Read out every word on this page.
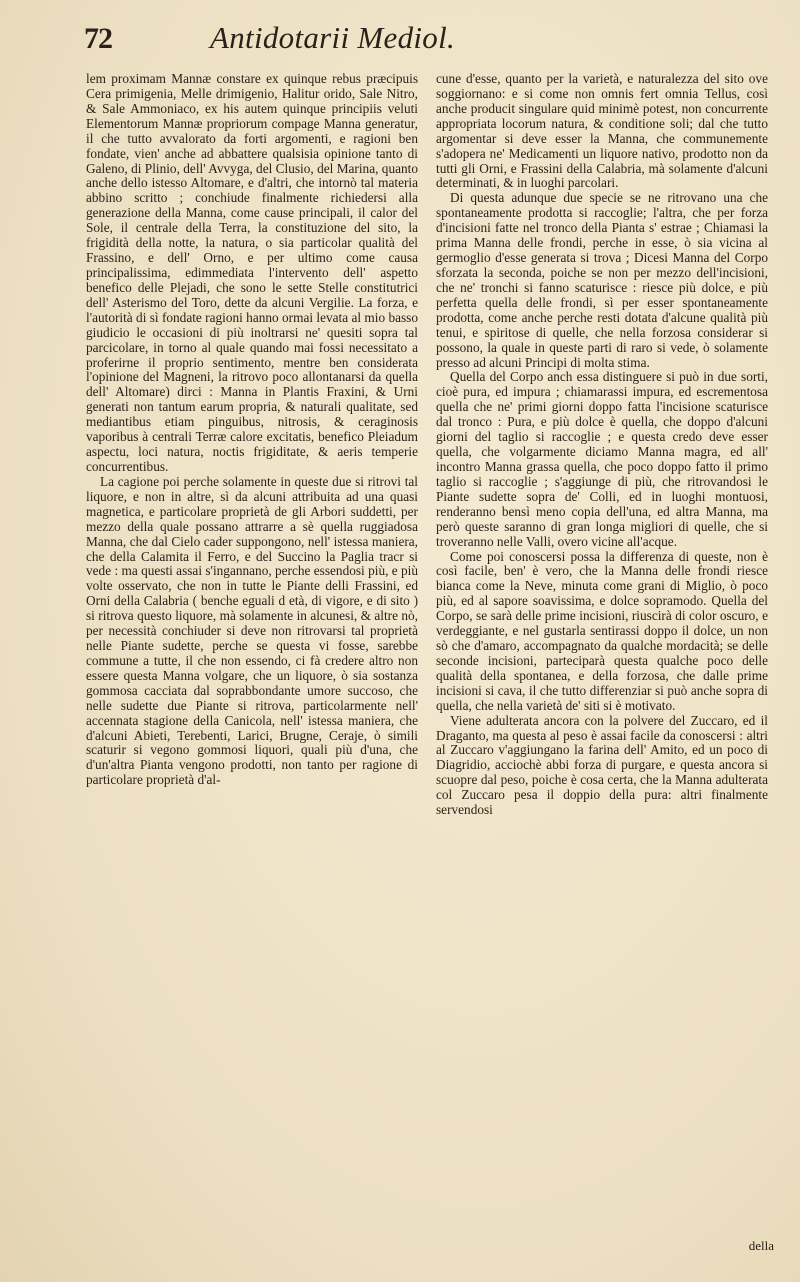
72	Antidotarii Mediol.

lem proximam Mannæ constare ex quinque rebus præcipuis Cera primigenia, Melle drimigenio, Halitur orido, Sale Nitro, & Sale Ammoniaco, ex his autem quinque principiis veluti Elementorum Mannæ propriorum compage Manna generatur, il che tutto avvalorato da forti argomenti, e ragioni ben fondate, vien' anche ad abbattere qualsisia opinione tanto di Galeno, di Plinio, dell' Avvyga, del Clusio, del Marina, quanto anche dello istesso Altomare, e d'altri, che intornò tal materia abbino scritto ; conchiude finalmente richiedersi alla generazione della Manna, come cause principali, il calor del Sole, il centrale della Terra, la constituzione del sito, la frigidità della notte, la natura, o sia particolar qualità del Frassino, e dell' Orno, e per ultimo come causa principalissima, edimmediata l'intervento dell' aspetto benefico delle Plejadi, che sono le sette Stelle constitutrici dell' Asterismo del Toro, dette da alcuni Vergilie. La forza, e l'autorità di sì fondate ragioni hanno ormai levata al mio basso giudicio le occasioni di più inoltrarsi ne' quesiti sopra tal parcicolare, in torno al quale quando mai fossi necessitato a proferirne il proprio sentimento, mentre ben considerata l'opinione del Magneni, la ritrovo poco allontanarsi da quella dell' Altomare) dirci : Manna in Plantis Fraxini, & Urni generati non tantum earum propria, & naturali qualitate, sed mediantibus etiam pinguibus, nitrosis, & ceraginosis vaporibus à centrali Terræ calore excitatis, benefico Pleiadum aspectu, loci natura, noctis frigiditate, & aeris temperie concurrentibus.

La cagione poi perche solamente in queste due si ritrovi tal liquore, e non in altre, sì da alcuni attribuita ad una quasi magnetica, e particolare proprietà de gli Arbori suddetti, per mezzo della quale possano attrarre a sè quella ruggiadosa Manna, che dal Cielo cader suppongono, nell' istessa maniera, che della Calamita il Ferro, e del Succino la Paglia tracr si vede : ma questi assai s'ingannano, perche essendosi più, e più volte osservato, che non in tutte le Piante delli Frassini, ed Orni della Calabria ( benche eguali d età, di vigore, e di sito ) si ritrova questo liquore, mà solamente in alcunesi, & altre nò, per necessità conchiuder si deve non ritrovarsi tal proprietà nelle Piante sudette, perche se questa vi fosse, sarebbe commune a tutte, il che non essendo, ci fà credere altro non essere questa Manna volgare, che un liquore, ò sia sostanza gommosa cacciata dal soprabbondante umore succoso, che nelle sudette due Piante si ritrova, particolarmente nell' accennata stagione della Canicola, nell' istessa maniera, che d'alcuni Abieti, Terebenti, Larici, Brugne, Ceraje, ò simili scaturir si vegono gommosi liquori, quali più d'una, che d'un'altra Pianta vengono prodotti, non tanto per ragione di particolare proprietà d'al-

cune d'esse, quanto per la varietà, e naturalezza del sito ove soggiornano: e si come non omnis fert omnia Tellus, così anche producit singulare quid minimè potest, non concurrente appropriata locorum natura, & conditione soli; dal che tutto argomentar si deve esser la Manna, che communemente s'adopera ne' Medicamenti un liquore nativo, prodotto non da tutti gli Orni, e Frassini della Calabria, mà solamente d'alcuni determinati, & in luoghi parcolari.

Di questa adunque due specie se ne ritrovano una che spontaneamente prodotta si raccoglie; l'altra, che per forza d'incisioni fatte nel tronco della Pianta s' estrae ; Chiamasi la prima Manna delle frondi, perche in esse, ò sia vicina al germoglio d'esse generata si trova ; Dicesi Manna del Corpo sforzata la seconda, poiche se non per mezzo dell'incisioni, che ne' tronchi si fanno scaturisce : riesce più dolce, e più perfetta quella delle frondi, sì per esser spontaneamente prodotta, come anche perche resti dotata d'alcune qualità più tenui, e spiritose di quelle, che nella forzosa considerar si possono, la quale in queste parti di raro si vede, ò solamente presso ad alcuni Principi di molta stima.

Quella del Corpo anch essa distinguere si può in due sorti, cioè pura, ed impura ; chiamarassi impura, ed escrementosa quella che ne' primi giorni doppo fatta l'incisione scaturisce dal tronco : Pura, e più dolce è quella, che doppo d'alcuni giorni del taglio si raccoglie ; e questa credo deve esser quella, che volgarmente diciamo Manna magra, ed all' incontro Manna grassa quella, che poco doppo fatto il primo taglio si raccoglie ; s'aggiunge di più, che ritrovandosi le Piante sudette sopra de' Colli, ed in luoghi montuosi, renderanno bensì meno copia dell'una, ed altra Manna, ma però queste saranno di gran longa migliori di quelle, che si troveranno nelle Valli, overo vicine all'acque.

Come poi conoscersi possa la differenza di queste, non è così facile, ben' è vero, che la Manna delle frondi riesce bianca come la Neve, minuta come grani di Miglio, ò poco più, ed al sapore soavissima, e dolce sopramodo. Quella del Corpo, se sarà delle prime incisioni, riuscirà di color oscuro, e verdeggiante, e nel gustarla sentirassi doppo il dolce, un non sò che d'amaro, accompagnato da qualche mordacità; se delle seconde incisioni, parteciparà questa qualche poco delle qualità della spontanea, e della forzosa, che dalle prime incisioni si cava, il che tutto differenziar si può anche sopra di quella, che nella varietà de' siti si è motivato.

Viene adulterata ancora con la polvere del Zuccaro, ed il Draganto, ma questa al peso è assai facile da conoscersi : altri al Zuccaro v'aggiungano la farina dell' Amito, ed un poco di Diagridio, acciochè abbi forza di purgare, e questa ancora si scuopre dal peso, poiche è cosa certa, che la Manna adulterata col Zuccaro pesa il doppio della pura: altri finalmente servendosi

della
